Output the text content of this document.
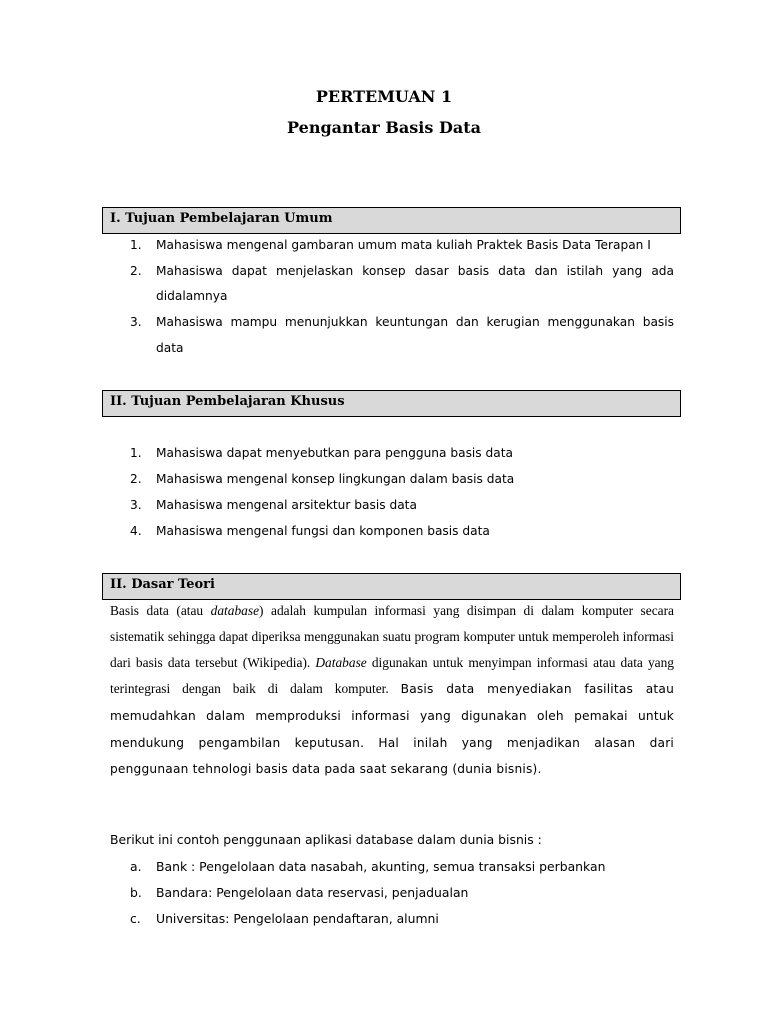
PERTEMUAN 1
Pengantar Basis Data
I. Tujuan Pembelajaran Umum
1. Mahasiswa mengenal gambaran umum mata kuliah Praktek Basis Data Terapan I
2. Mahasiswa dapat menjelaskan konsep dasar basis data dan istilah yang ada didalamnya
3. Mahasiswa mampu menunjukkan keuntungan dan kerugian menggunakan basis data
II. Tujuan Pembelajaran Khusus
1. Mahasiswa dapat menyebutkan para pengguna basis data
2. Mahasiswa mengenal konsep lingkungan dalam basis data
3. Mahasiswa mengenal arsitektur basis data
4. Mahasiswa mengenal fungsi dan komponen basis data
II. Dasar Teori
Basis data (atau database) adalah kumpulan informasi yang disimpan di dalam komputer secara sistematik sehingga dapat diperiksa menggunakan suatu program komputer untuk memperoleh informasi dari basis data tersebut (Wikipedia). Database digunakan untuk menyimpan informasi atau data yang terintegrasi dengan baik di dalam komputer. Basis data menyediakan fasilitas atau memudahkan dalam memproduksi informasi yang digunakan oleh pemakai untuk mendukung pengambilan keputusan. Hal inilah yang menjadikan alasan dari penggunaan tehnologi basis data pada saat sekarang (dunia bisnis).
Berikut ini contoh penggunaan aplikasi database dalam dunia bisnis :
a. Bank : Pengelolaan data nasabah, akunting, semua transaksi perbankan
b. Bandara: Pengelolaan data reservasi, penjadualan
c. Universitas: Pengelolaan pendaftaran, alumni
